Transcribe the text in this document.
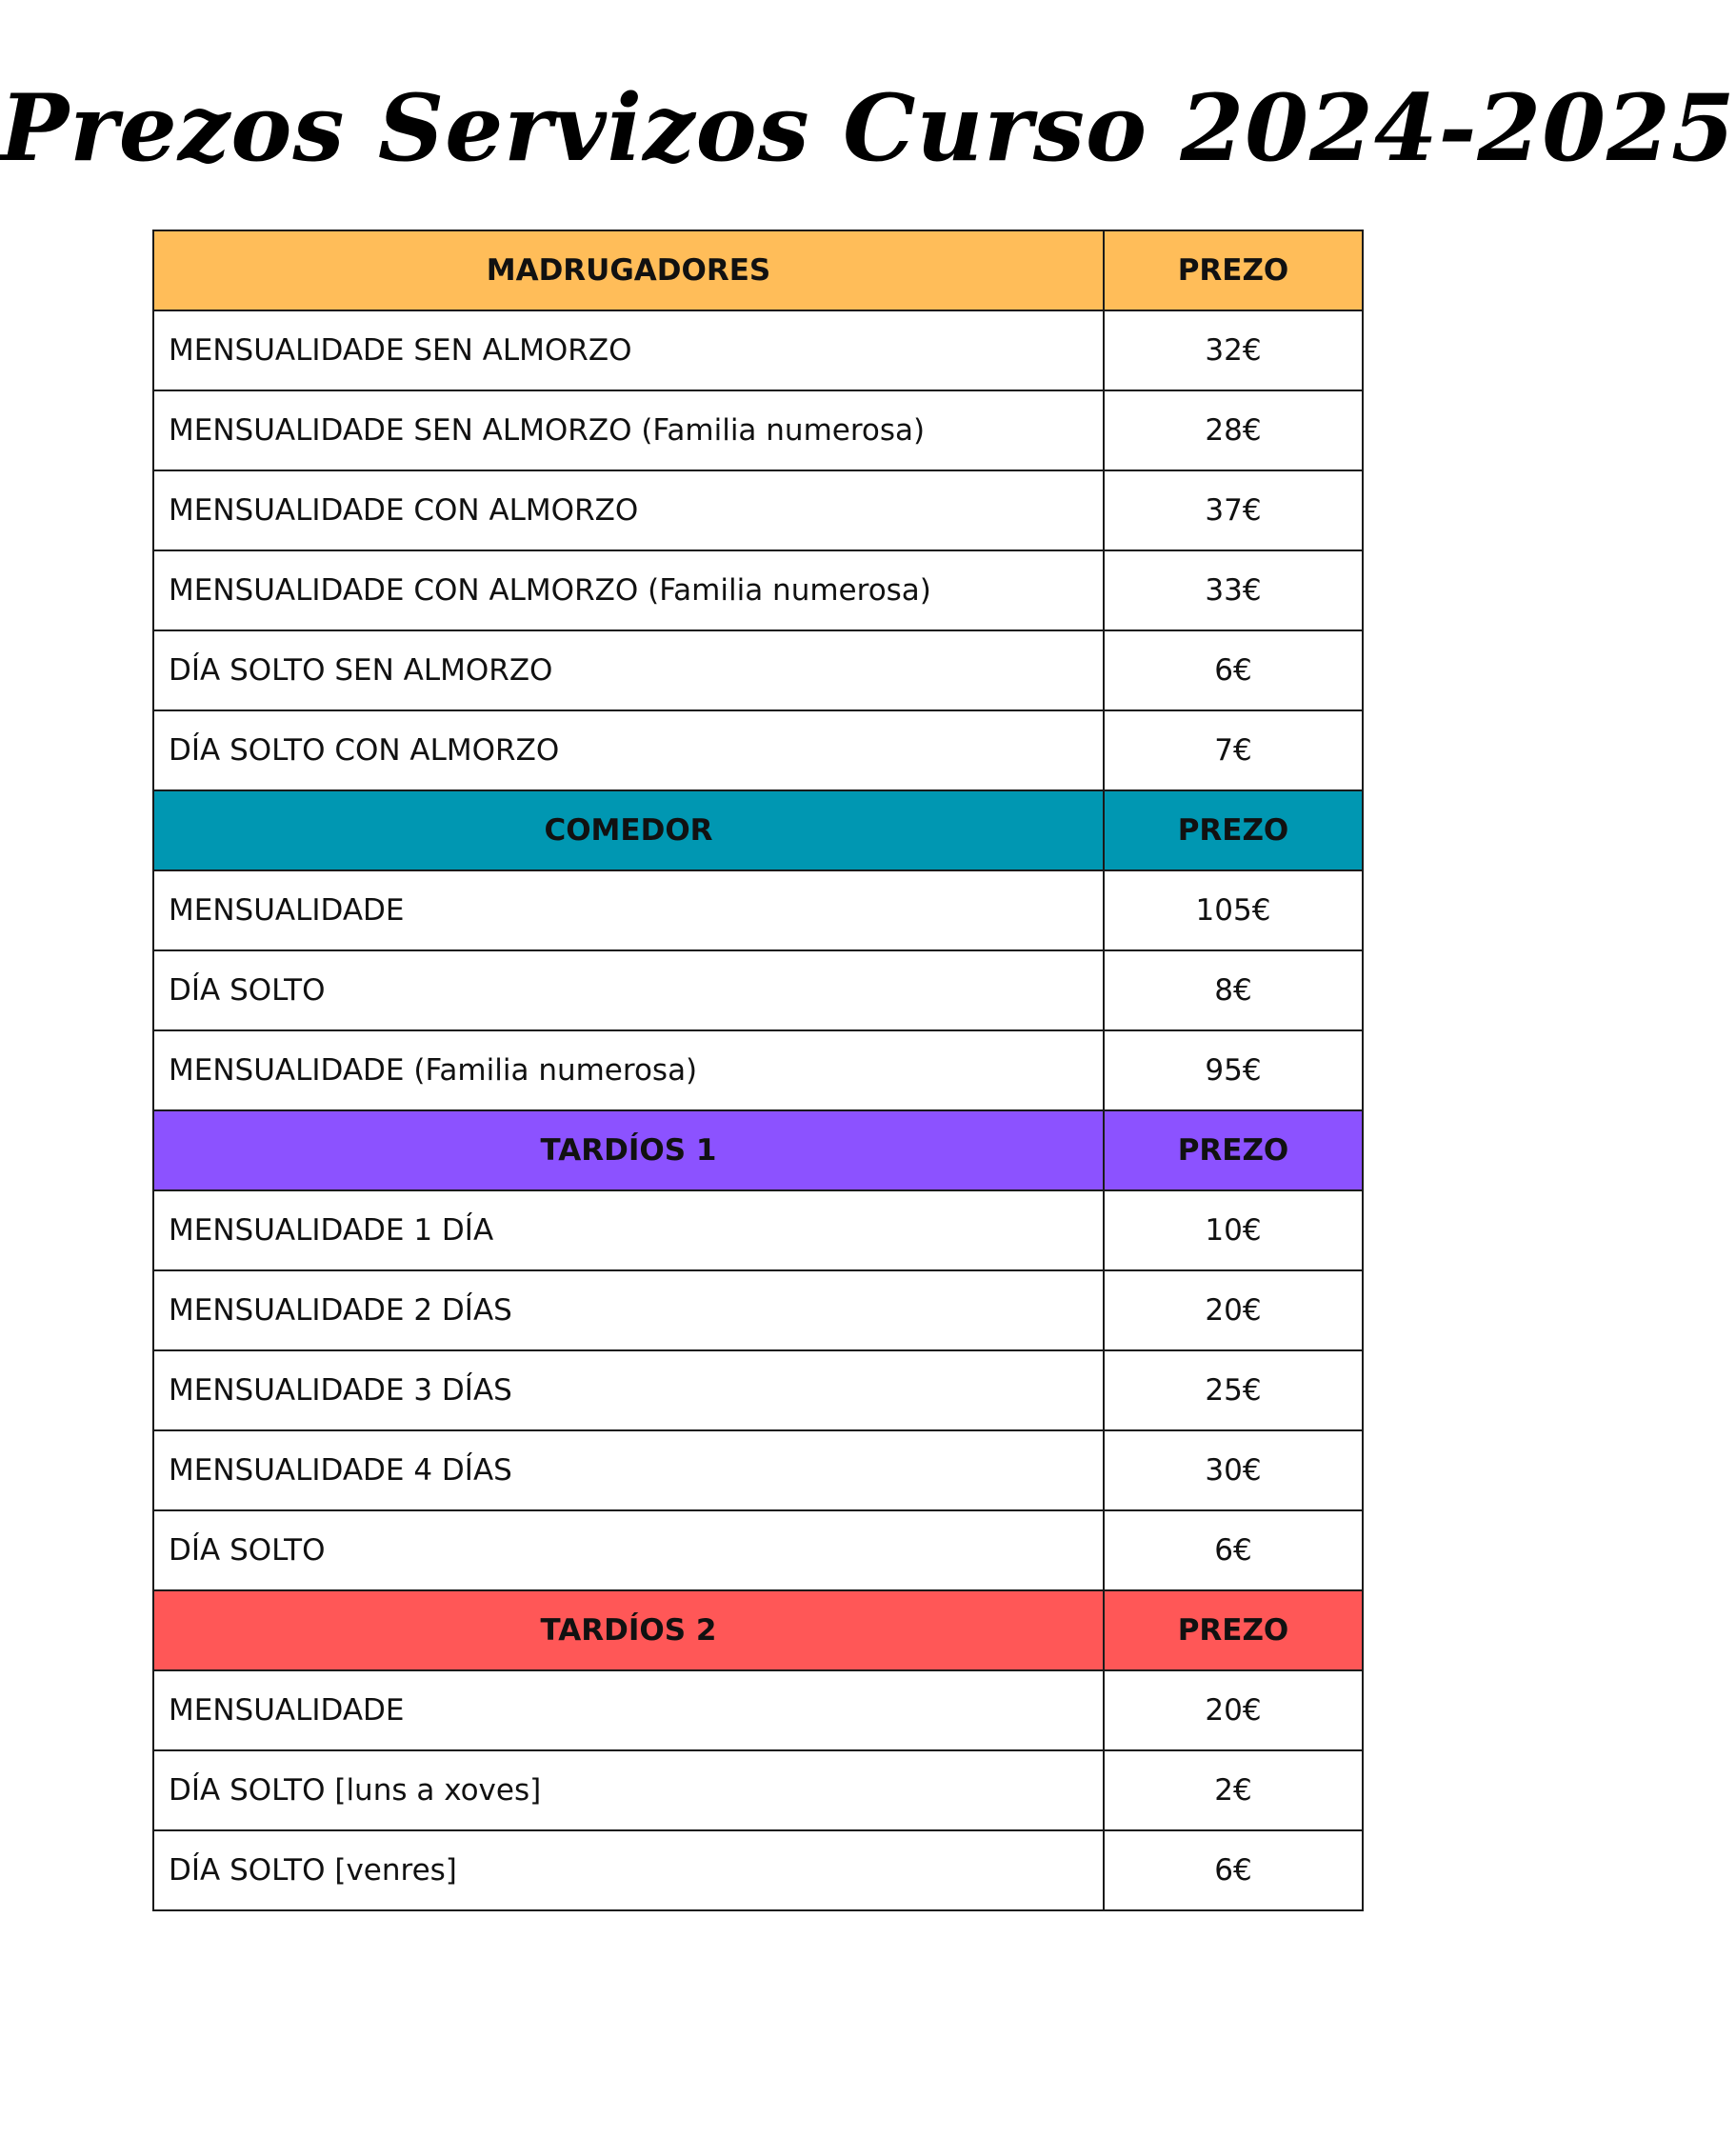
Prezos Servizos Curso 2024-2025
MADRUGADORES	PREZO
MENSUALIDADE SEN ALMORZO	32€
MENSUALIDADE SEN ALMORZO (Familia numerosa)	28€
MENSUALIDADE CON ALMORZO	37€
MENSUALIDADE CON ALMORZO (Familia numerosa)	33€
DÍA SOLTO SEN ALMORZO	6€
DÍA SOLTO CON ALMORZO	7€
COMEDOR	PREZO
MENSUALIDADE	105€
DÍA SOLTO	8€
MENSUALIDADE (Familia numerosa)	95€
TARDÍOS 1	PREZO
MENSUALIDADE 1 DÍA	10€
MENSUALIDADE 2 DÍAS	20€
MENSUALIDADE 3 DÍAS	25€
MENSUALIDADE 4 DÍAS	30€
DÍA SOLTO	6€
TARDÍOS 2	PREZO
MENSUALIDADE	20€
DÍA SOLTO [luns a xoves]	2€
DÍA SOLTO [venres]	6€
